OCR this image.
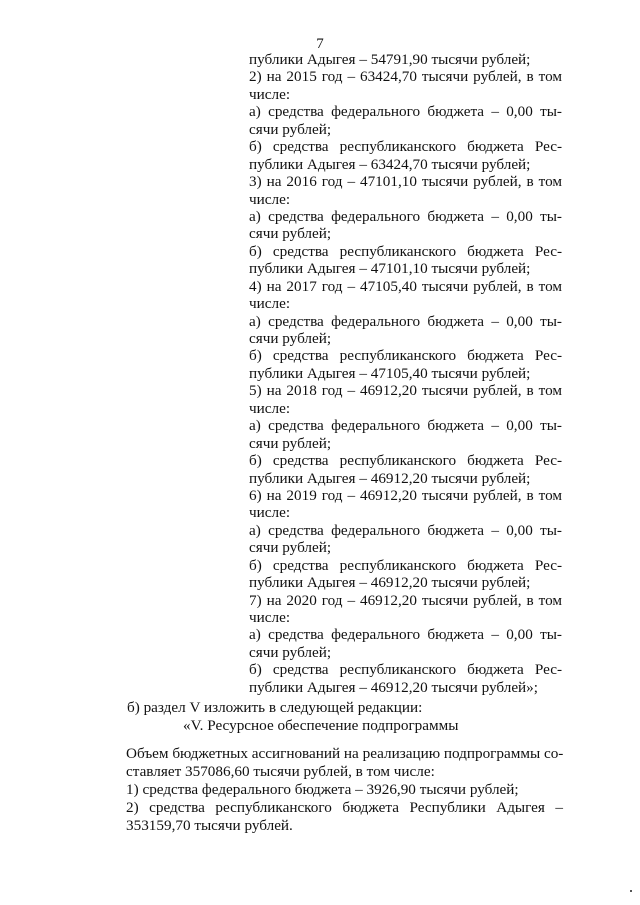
7
публики Адыгея – 54791,90 тысячи рублей;
2) на 2015 год – 63424,70 тысячи рублей, в том
числе:
а) средства федерального бюджета – 0,00 ты-
сячи рублей;
б) средства республиканского бюджета Рес-
публики Адыгея – 63424,70 тысячи рублей;
3) на 2016 год – 47101,10 тысячи рублей, в том
числе:
а) средства федерального бюджета – 0,00 ты-
сячи рублей;
б) средства республиканского бюджета Рес-
публики Адыгея – 47101,10 тысячи рублей;
4) на 2017 год – 47105,40 тысячи рублей, в том
числе:
а) средства федерального бюджета – 0,00 ты-
сячи рублей;
б) средства республиканского бюджета Рес-
публики Адыгея – 47105,40 тысячи рублей;
5) на 2018 год – 46912,20 тысячи рублей, в том
числе:
а) средства федерального бюджета – 0,00 ты-
сячи рублей;
б) средства республиканского бюджета Рес-
публики Адыгея – 46912,20 тысячи рублей;
6) на 2019 год – 46912,20 тысячи рублей, в том
числе:
а) средства федерального бюджета – 0,00 ты-
сячи рублей;
б) средства республиканского бюджета Рес-
публики Адыгея – 46912,20 тысячи рублей;
7) на 2020 год – 46912,20 тысячи рублей, в том
числе:
а) средства федерального бюджета – 0,00 ты-
сячи рублей;
б) средства республиканского бюджета Рес-
публики Адыгея – 46912,20 тысячи рублей»;
б) раздел V изложить в следующей редакции:
«V. Ресурсное обеспечение подпрограммы
Объем бюджетных ассигнований на реализацию подпрограммы со-
ставляет 357086,60 тысячи рублей, в том числе:
1) средства федерального бюджета – 3926,90 тысячи рублей;
2) средства республиканского бюджета Республики Адыгея –
353159,70 тысячи рублей.
